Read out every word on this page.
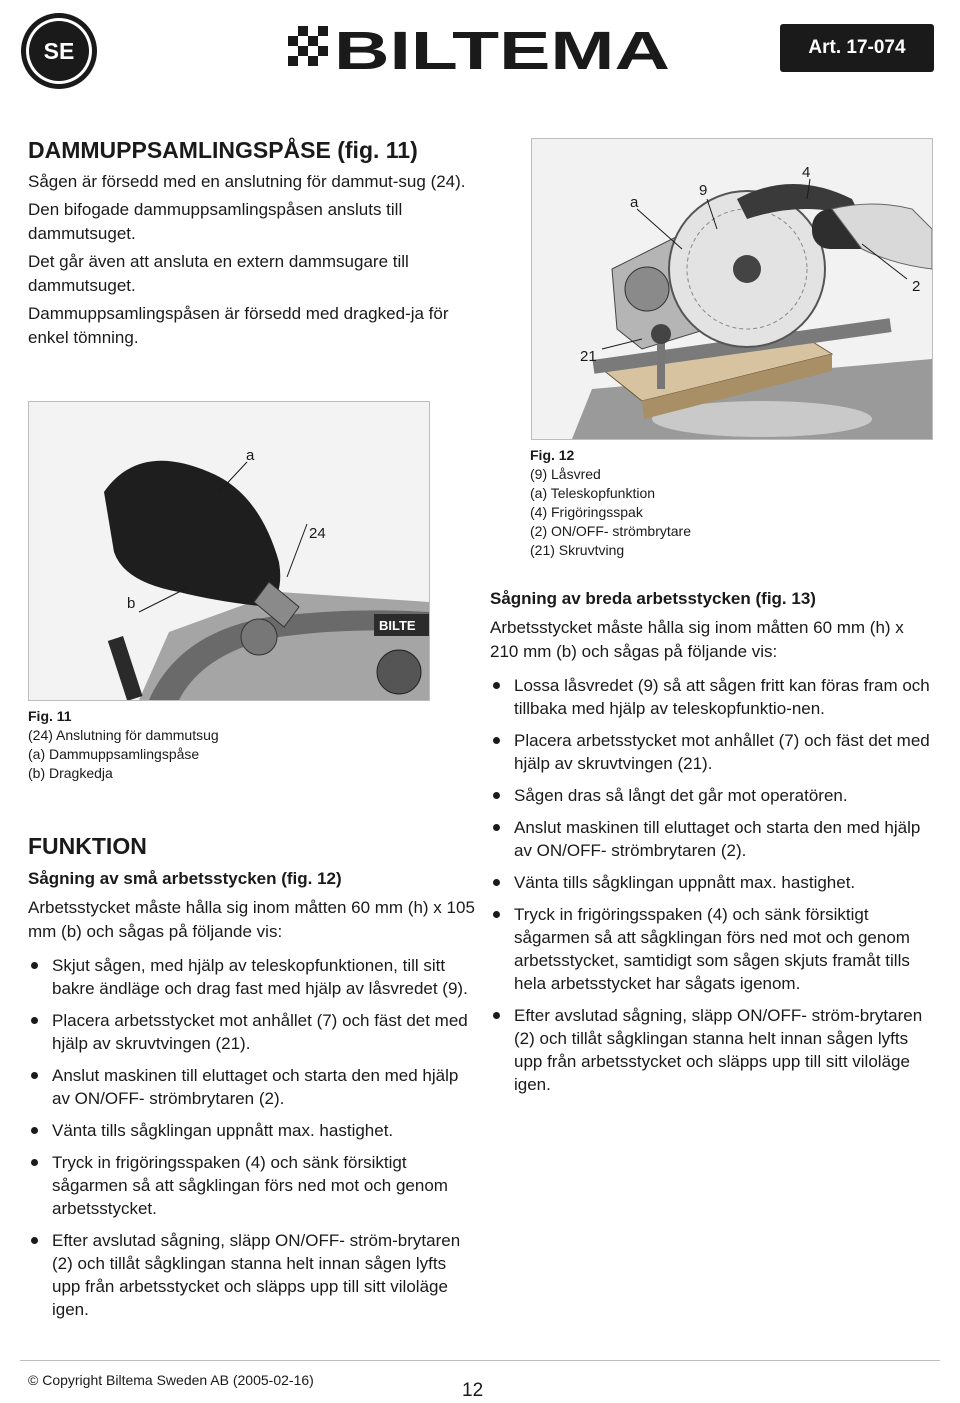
SE	BILTEMA	Art. 17-074
DAMMUPPSAMLINGSPÅSE (fig. 11)

Sågen är försedd med en anslutning för dammut-sug (24).

Den bifogade dammuppsamlingspåsen ansluts till dammutsuget.

Det går även att ansluta en extern dammsugare till dammutsuget.

Dammuppsamlingspåsen är försedd med dragked-ja för enkel tömning.

a
9
4
2
21
Fig. 12
(9) Låsvred
(a) Teleskopfunktion
(4) Frigöringsspak
(2) ON/OFF- strömbrytare
(21) Skruvtving
BILTE
a
24
b
Fig. 11
(24) Anslutning för dammutsug
(a) Dammuppsamlingspåse
(b) Dragkedja
FUNKTION
Sågning av små arbetsstycken (fig. 12)

Arbetsstycket måste hålla sig inom måtten 60 mm (h) x 105 mm (b) och sågas på följande vis:

Skjut sågen, med hjälp av teleskopfunktionen, till sitt bakre ändläge och drag fast med hjälp av låsvredet (9).
Placera arbetsstycket mot anhållet (7) och fäst det med hjälp av skruvtvingen (21).
Anslut maskinen till eluttaget och starta den med hjälp av ON/OFF- strömbrytaren (2).
Vänta tills sågklingan uppnått max. hastighet.
Tryck in frigöringsspaken (4) och sänk försiktigt sågarmen så att sågklingan förs ned mot och genom arbetsstycket.
Efter avslutad sågning, släpp ON/OFF- ström-brytaren (2) och tillåt sågklingan stanna helt innan sågen lyfts upp från arbetsstycket och släpps upp till sitt viloläge igen.
Sågning av breda arbetsstycken (fig. 13)

Arbetsstycket måste hålla sig inom måtten 60 mm (h) x 210 mm (b) och sågas på följande vis:

Lossa låsvredet (9) så att sågen fritt kan föras fram och tillbaka med hjälp av teleskopfunktio-nen.
Placera arbetsstycket mot anhållet (7) och fäst det med hjälp av skruvtvingen (21).
Sågen dras så långt det går mot operatören.
Anslut maskinen till eluttaget och starta den med hjälp av ON/OFF- strömbrytaren (2).
Vänta tills sågklingan uppnått max. hastighet.
Tryck in frigöringsspaken (4) och sänk försiktigt sågarmen så att sågklingan förs ned mot och genom arbetsstycket, samtidigt som sågen skjuts framåt tills hela arbetsstycket har sågats igenom.
Efter avslutad sågning, släpp ON/OFF- ström-brytaren (2) och tillåt sågklingan stanna helt innan sågen lyfts upp från arbetsstycket och släpps upp till sitt viloläge igen.
© Copyright Biltema Sweden AB (2005-02-16)	12
